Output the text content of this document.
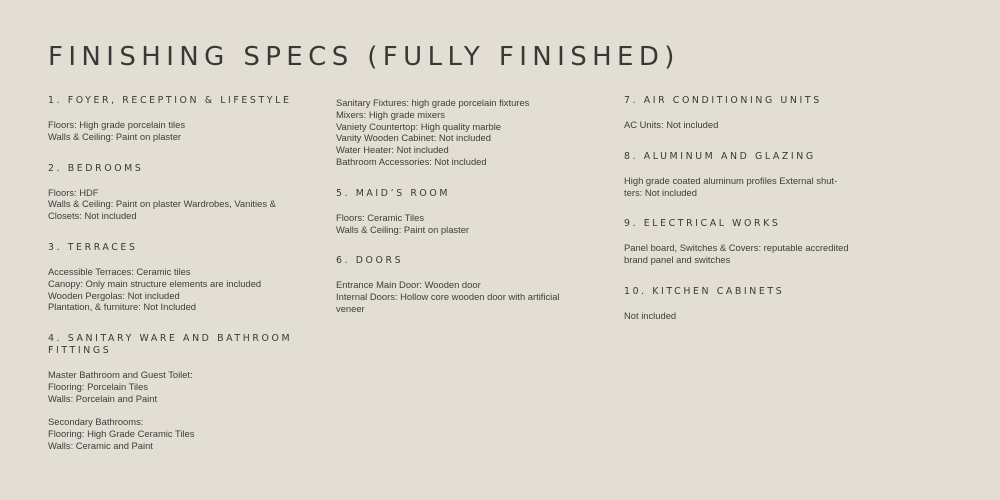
FINISHING SPECS (FULLY FINISHED)
1. FOYER, RECEPTION & LIFESTYLE
Floors: High grade porcelain tiles
Walls & Ceiling: Paint on plaster
2. BEDROOMS
Floors: HDF
Walls & Ceiling: Paint on plaster Wardrobes, Vanities &
Closets: Not included
3. TERRACES
Accessible Terraces: Ceramic tiles
Canopy: Only main structure elements are included
Wooden Pergolas: Not included
Plantation, & furniture: Not Included
4. SANITARY WARE AND BATHROOM
FITTINGS
Master Bathroom and Guest Toilet:
Flooring: Porcelain Tiles
Walls: Porcelain and Paint
Secondary Bathrooms:
Flooring: High Grade Ceramic Tiles
Walls: Ceramic and Paint
Sanitary Fixtures: high grade porcelain fixtures
Mixers: High grade mixers
Vaniety Countertop: High quality marble
Vanity Wooden Cabinet: Not included
Water Heater: Not included
Bathroom Accessories: Not included
5. MAID’S ROOM
Floors: Ceramic Tiles
Walls & Ceiling: Paint on plaster
6. DOORS
Entrance Main Door: Wooden door
Internal Doors: Hollow core wooden door with artificial
veneer
7. AIR CONDITIONING UNITS
AC Units: Not included
8. ALUMINUM AND GLAZING
High grade coated aluminum profiles External shut-
ters: Not included
9. ELECTRICAL WORKS
Panel board, Switches & Covers: reputable accredited
brand panel and switches
10. KITCHEN CABINETS
Not included
